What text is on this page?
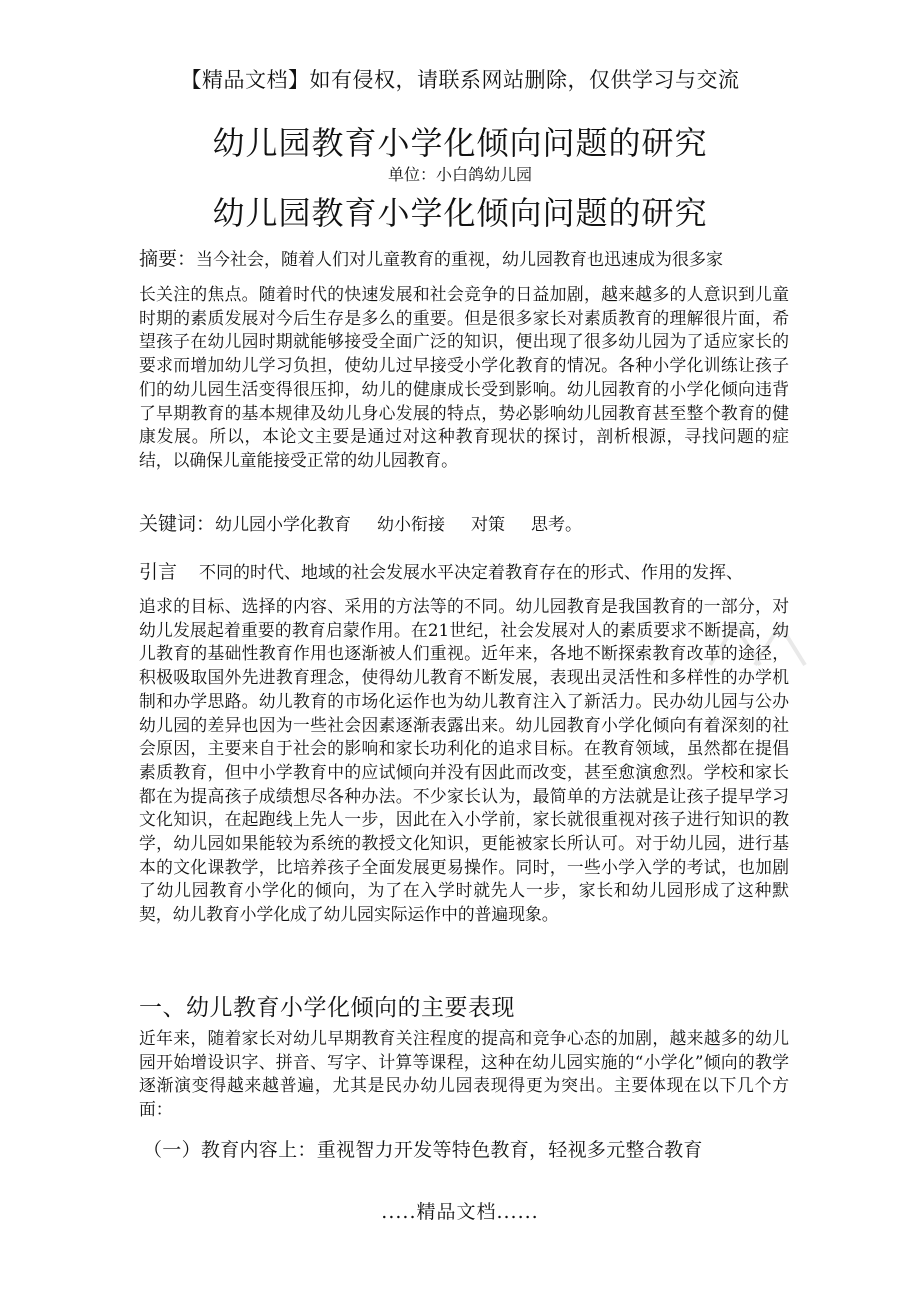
【精品文档】如有侵权，请联系网站删除，仅供学习与交流
幼儿园教育小学化倾向问题的研究
单位：小白鸽幼儿园
幼儿园教育小学化倾向问题的研究
摘要：当今社会，随着人们对儿童教育的重视，幼儿园教育也迅速成为很多家
长关注的焦点。随着时代的快速发展和社会竞争的日益加剧，越来越多的人意识到儿童时期的素质发展对今后生存是多么的重要。但是很多家长对素质教育的理解很片面，希望孩子在幼儿园时期就能够接受全面广泛的知识，便出现了很多幼儿园为了适应家长的要求而增加幼儿学习负担，使幼儿过早接受小学化教育的情况。各种小学化训练让孩子们的幼儿园生活变得很压抑，幼儿的健康成长受到影响。幼儿园教育的小学化倾向违背了早期教育的基本规律及幼儿身心发展的特点，势必影响幼儿园教育甚至整个教育的健康发展。所以，本论文主要是通过对这种教育现状的探讨，剖析根源，寻找问题的症结，以确保儿童能接受正常的幼儿园教育。
关键词：幼儿园小学化教育 幼小衔接 对策 思考。
引言 不同的时代、地域的社会发展水平决定着教育存在的形式、作用的发挥、
追求的目标、选择的内容、采用的方法等的不同。幼儿园教育是我国教育的一部分，对幼儿发展起着重要的教育启蒙作用。在21世纪，社会发展对人的素质要求不断提高，幼儿教育的基础性教育作用也逐渐被人们重视。近年来，各地不断探索教育改革的途径，积极吸取国外先进教育理念，使得幼儿教育不断发展，表现出灵活性和多样性的办学机制和办学思路。幼儿教育的市场化运作也为幼儿教育注入了新活力。民办幼儿园与公办幼儿园的差异也因为一些社会因素逐渐表露出来。幼儿园教育小学化倾向有着深刻的社会原因，主要来自于社会的影响和家长功利化的追求目标。在教育领域，虽然都在提倡素质教育，但中小学教育中的应试倾向并没有因此而改变，甚至愈演愈烈。学校和家长都在为提高孩子成绩想尽各种办法。不少家长认为，最简单的方法就是让孩子提早学习文化知识，在起跑线上先人一步，因此在入小学前，家长就很重视对孩子进行知识的教学，幼儿园如果能较为系统的教授文化知识，更能被家长所认可。对于幼儿园，进行基本的文化课教学，比培养孩子全面发展更易操作。同时，一些小学入学的考试，也加剧了幼儿园教育小学化的倾向，为了在入学时就先人一步，家长和幼儿园形成了这种默契，幼儿教育小学化成了幼儿园实际运作中的普遍现象。
一、幼儿教育小学化倾向的主要表现
近年来，随着家长对幼儿早期教育关注程度的提高和竞争心态的加剧，越来越多的幼儿园开始增设识字、拼音、写字、计算等课程，这种在幼儿园实施的“小学化”倾向的教学逐渐演变得越来越普遍，尤其是民办幼儿园表现得更为突出。主要体现在以下几个方面：
（一）教育内容上：重视智力开发等特色教育，轻视多元整合教育
.....精品文档......
